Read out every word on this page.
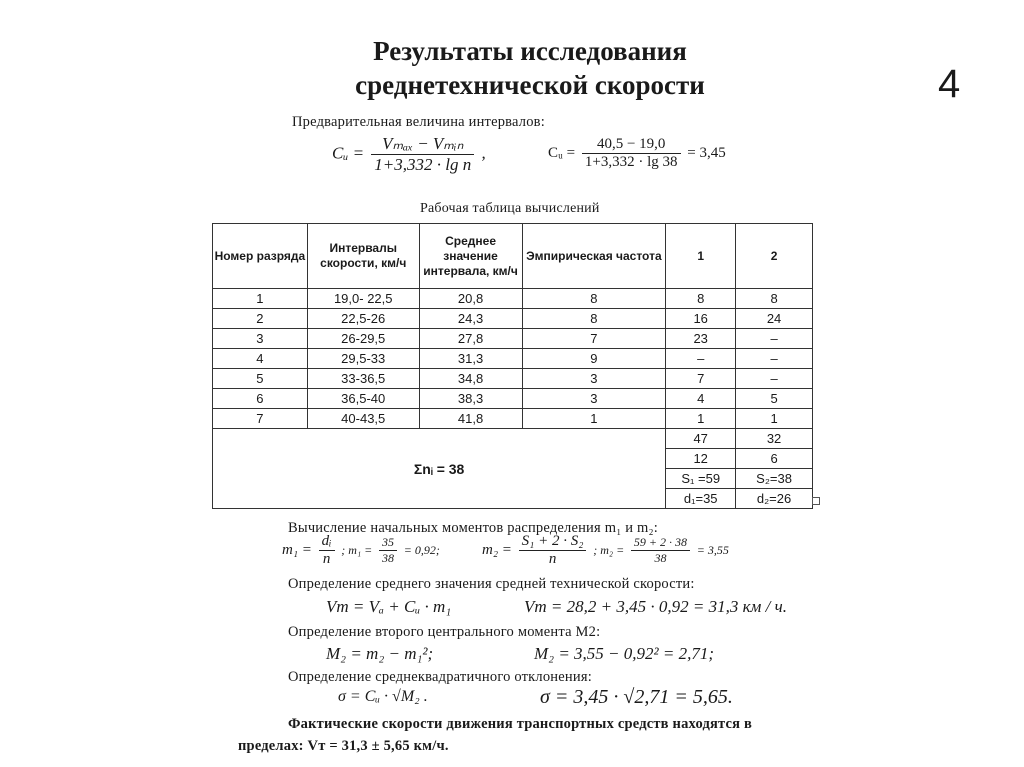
Результаты исследования
среднетехнической скорости	4
Предварительная величина интервалов:
Cᵤ = $\frac{\text{Vₘₐₓ − Vₘᵢₙ}}{\text{1+3,332 · lg n}}$ ,	Cᵤ = $\frac{40,5 - 19,0}{1+3,332 \cdot \lg 38} = 3,45$
Рабочая таблица вычислений
Номер разряда	Интервалы скорости, км/ч	Среднее значение интервала, км/ч	Эмпирическая частота	1	2
1	19,0- 22,5	20,8	8	8	8
2	22,5-26	24,3	8	16	24
3	26-29,5	27,8	7	23	–
4	29,5-33	31,3	9	–	–
5	33-36,5	34,8	3	7	–
6	36,5-40	38,3	3	4	5
7	40-43,5	41,8	1	1	1
Σnᵢ = 38				47	32
				12	6
				S₁ =59	S₂=38
				d₁=35	d₂=26
Вычисление начальных моментов распределения m₁ и m₂:
$m_1 = \frac{\text{dᵢ}}{n}$ ; $m_1 = \frac{35}{38} = 0,92$;	$m_2 = \frac{\text{S₁ + 2 · S₂}}{n}$ ; $m_2 = \frac{59 + 2 \cdot 38}{38} = 3,55$
Определение среднего значения средней технической скорости:
Vт = Vₐ + Cᵤ · m₁	Vт = 28,2 + 3,45 · 0,92 = 31,3 км / ч.
Определение второго центрального момента M2:
M₂ = m₂ − m₁²;	M₂ = 3,55 − 0,92² = 2,71;
Определение среднеквадратичного отклонения:
σ = Cᵤ · √M₂ .	σ = 3,45 · √2,71 = 5,65.
Фактические скорости движения транспортных средств находятся в
пределах: Vт = 31,3 ± 5,65 км/ч.
